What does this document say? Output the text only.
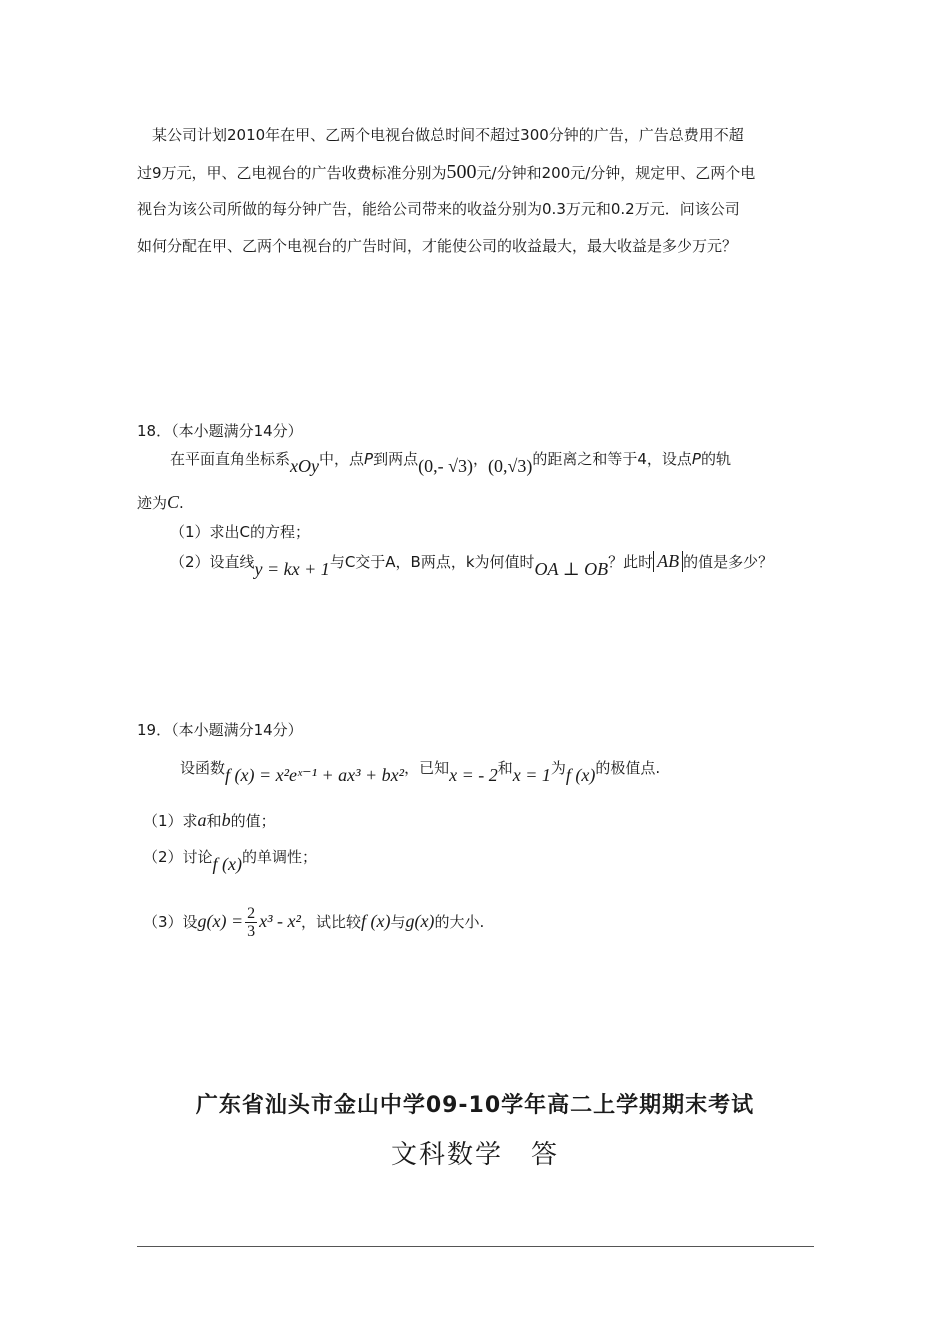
某公司计划2010年在甲、乙两个电视台做总时间不超过300分钟的广告，广告总费用不超
过9万元，甲、乙电视台的广告收费标准分别为500元/分钟和200元/分钟，规定甲、乙两个电
视台为该公司所做的每分钟广告，能给公司带来的收益分别为0.3万元和0.2万元．问该公司
如何分配在甲、乙两个电视台的广告时间，才能使公司的收益最大，最大收益是多少万元？
18．（本小题满分14分）
在平面直角坐标系xOy中，点P到两点(0,- √3)，(0,√3)的距离之和等于4，设点P的轨
迹为C.
（1）求出C的方程；
（2）设直线y = kx + 1与C交于A，B两点，k为何值时OA ⊥ OB？此时 AB 的值是多少？
19．（本小题满分14分）
设函数f (x) = x²eˣ⁻¹ + ax³ + bx²，已知x = - 2和x = 1为f (x)的极值点.
（1）求a和b的值；
（2）讨论f (x)的单调性；
（3）设$g(x) = \frac{2}{3} x^3 - x^2$，试比较f (x)与g(x)的大小.
广东省汕头市金山中学09-10学年高二上学期期末考试
文科数学　答
